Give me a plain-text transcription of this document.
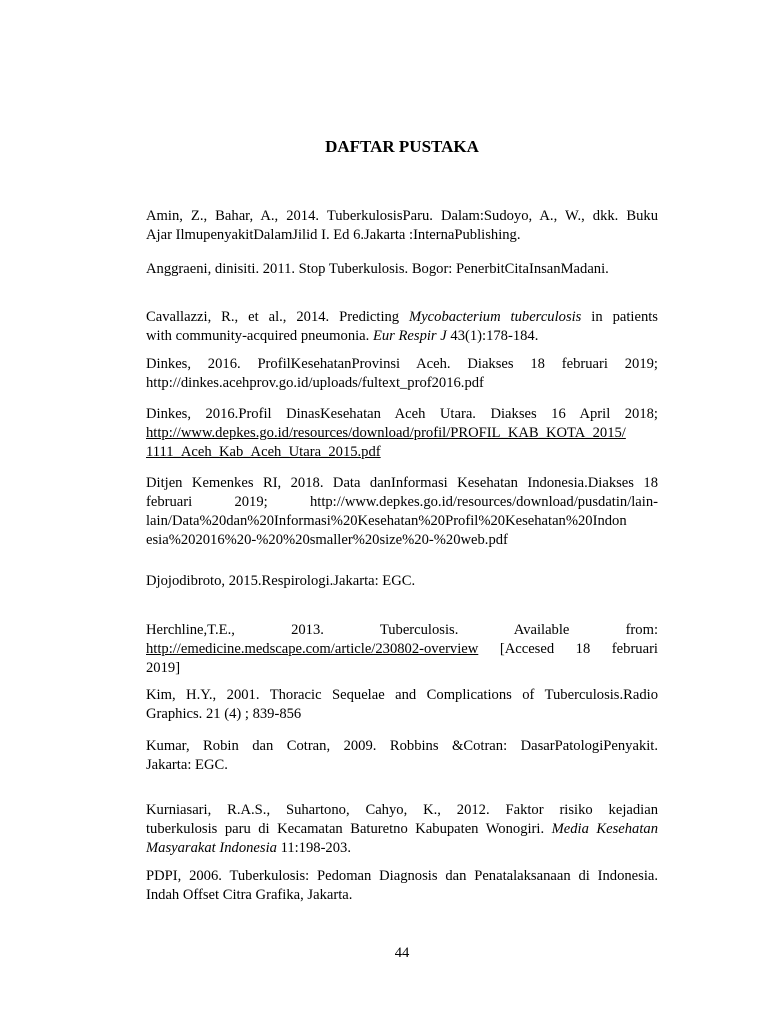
DAFTAR PUSTAKA
Amin, Z., Bahar, A., 2014. TuberkulosisParu. Dalam:Sudoyo, A., W., dkk. Buku
Ajar IlmupenyakitDalamJilid I. Ed 6.Jakarta :InternaPublishing.
Anggraeni, dinisiti. 2011. Stop Tuberkulosis. Bogor: PenerbitCitaInsanMadani.
Cavallazzi, R., et al., 2014. Predicting Mycobacterium tuberculosis in patients
with community-acquired pneumonia. Eur Respir J 43(1):178-184.
Dinkes, 2016. ProfilKesehatanProvinsi Aceh. Diakses 18 februari 2019;
http://dinkes.acehprov.go.id/uploads/fultext_prof2016.pdf
Dinkes, 2016.Profil DinasKesehatan Aceh Utara. Diakses 16 April 2018;
http://www.depkes.go.id/resources/download/profil/PROFIL_KAB_KOTA_2015/
1111_Aceh_Kab_Aceh_Utara_2015.pdf
Ditjen Kemenkes RI, 2018. Data danInformasi Kesehatan Indonesia.Diakses 18
februari 2019; http://www.depkes.go.id/resources/download/pusdatin/lain-
lain/Data%20dan%20Informasi%20Kesehatan%20Profil%20Kesehatan%20Indon
esia%202016%20-%20%20smaller%20size%20-%20web.pdf
Djojodibroto, 2015.Respirologi.Jakarta: EGC.
Herchline,T.E., 2013. Tuberculosis. Available from:
http://emedicine.medscape.com/article/230802-overview [Accesed 18 februari
2019]
Kim, H.Y., 2001. Thoracic Sequelae and Complications of Tuberculosis.Radio
Graphics. 21 (4) ; 839-856
Kumar, Robin dan Cotran, 2009. Robbins &Cotran: DasarPatologiPenyakit.
Jakarta: EGC.
Kurniasari, R.A.S., Suhartono, Cahyo, K., 2012. Faktor risiko kejadian
tuberkulosis paru di Kecamatan Baturetno Kabupaten Wonogiri. Media Kesehatan
Masyarakat Indonesia 11:198-203.
PDPI, 2006. Tuberkulosis: Pedoman Diagnosis dan Penatalaksanaan di Indonesia.
Indah Offset Citra Grafika, Jakarta.
44
